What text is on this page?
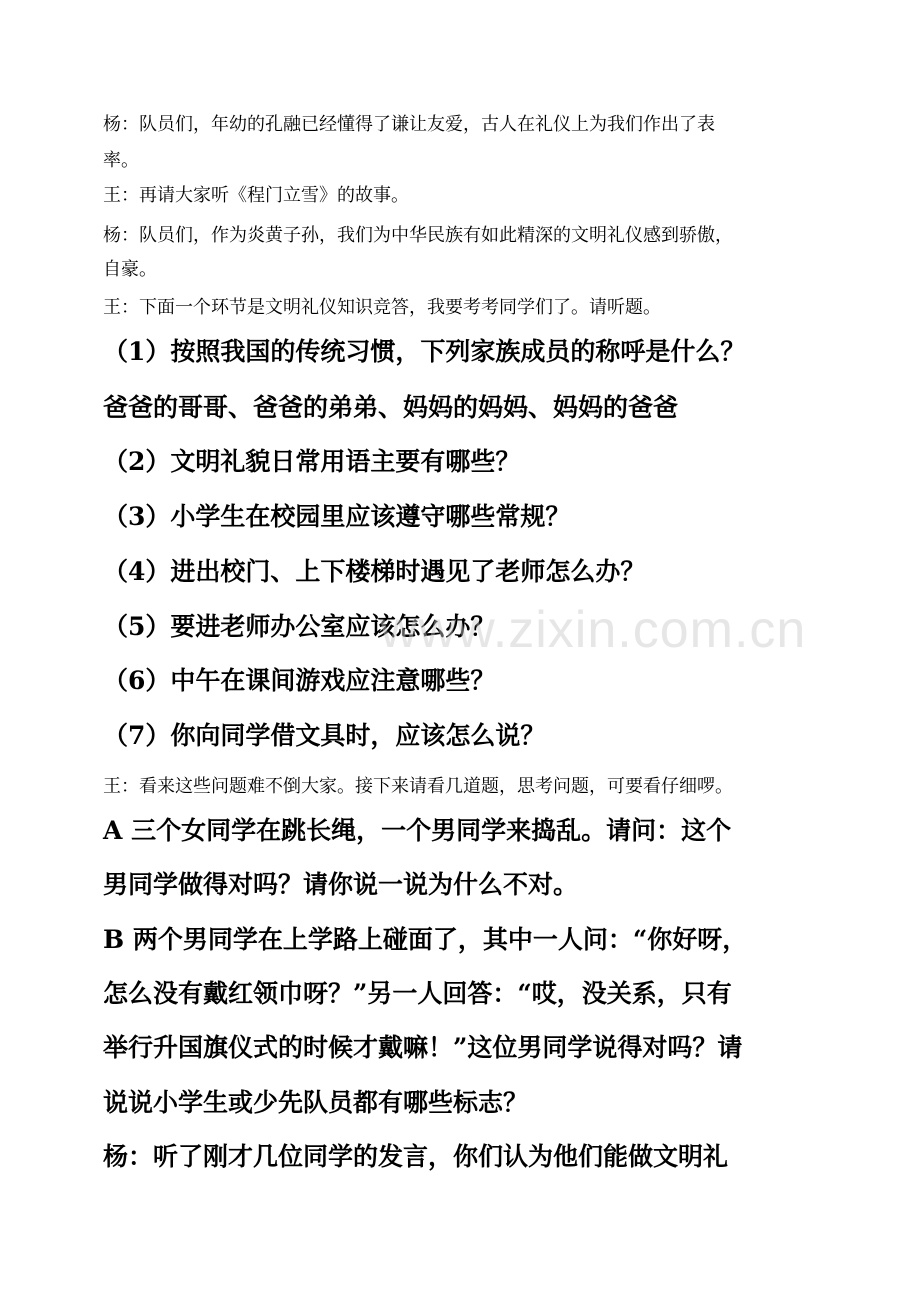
杨：队员们，年幼的孔融已经懂得了谦让友爱，古人在礼仪上为我们作出了表

率。

王：再请大家听《程门立雪》的故事。

杨：队员们，作为炎黄子孙，我们为中华民族有如此精深的文明礼仪感到骄傲，

自豪。

王：下面一个环节是文明礼仪知识竞答，我要考考同学们了。请听题。

（1）按照我国的传统习惯，下列家族成员的称呼是什么？

爸爸的哥哥、爸爸的弟弟、妈妈的妈妈、妈妈的爸爸

（2）文明礼貌日常用语主要有哪些？

（3）小学生在校园里应该遵守哪些常规？

（4）进出校门、上下楼梯时遇见了老师怎么办？

（5）要进老师办公室应该怎么办？

（6）中午在课间游戏应注意哪些？

（7）你向同学借文具时，应该怎么说？

王：看来这些问题难不倒大家。接下来请看几道题，思考问题，可要看仔细啰。

A 三个女同学在跳长绳，一个男同学来捣乱。请问：这个

男同学做得对吗？请你说一说为什么不对。

B 两个男同学在上学路上碰面了，其中一人问：“你好呀，

怎么没有戴红领巾呀？”另一人回答：“哎，没关系，只有

举行升国旗仪式的时候才戴嘛！”这位男同学说得对吗？请

说说小学生或少先队员都有哪些标志？

杨：听了刚才几位同学的发言，你们认为他们能做文明礼

www.zixin.com.cn
